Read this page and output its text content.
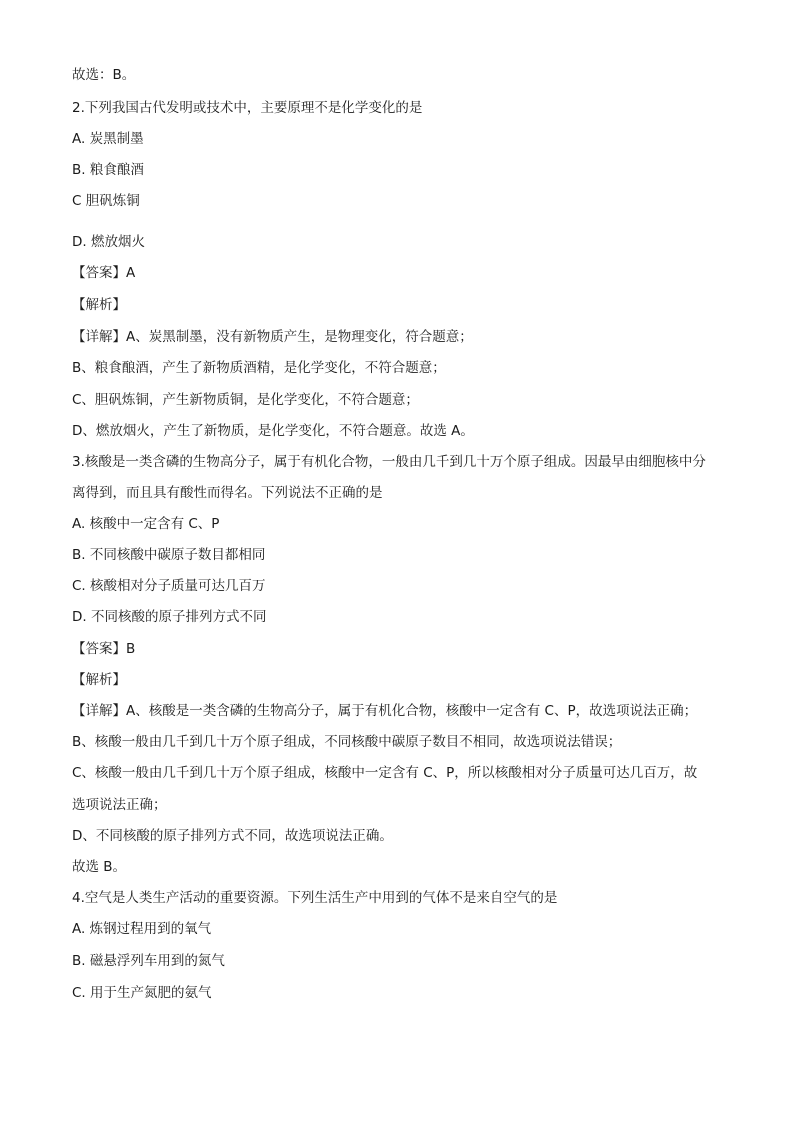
故选：B。
2.下列我国古代发明或技术中，主要原理不是化学变化的是
A. 炭黑制墨
B. 粮食酿酒
C 胆矾炼铜
D. 燃放烟火
【答案】A
【解析】
【详解】A、炭黑制墨，没有新物质产生，是物理变化，符合题意；
B、粮食酿酒，产生了新物质酒精，是化学变化，不符合题意；
C、胆矾炼铜，产生新物质铜，是化学变化，不符合题意；
D、燃放烟火，产生了新物质，是化学变化，不符合题意。故选 A。
3.核酸是一类含磷的生物高分子，属于有机化合物，一般由几千到几十万个原子组成。因最早由细胞核中分
离得到，而且具有酸性而得名。下列说法不正确的是
A. 核酸中一定含有 C、P
B. 不同核酸中碳原子数目都相同
C. 核酸相对分子质量可达几百万
D. 不同核酸的原子排列方式不同
【答案】B
【解析】
【详解】A、核酸是一类含磷的生物高分子，属于有机化合物，核酸中一定含有 C、P，故选项说法正确；
B、核酸一般由几千到几十万个原子组成，不同核酸中碳原子数目不相同，故选项说法错误；
C、核酸一般由几千到几十万个原子组成，核酸中一定含有 C、P，所以核酸相对分子质量可达几百万，故
选项说法正确；
D、不同核酸的原子排列方式不同，故选项说法正确。
故选 B。
4.空气是人类生产活动的重要资源。下列生活生产中用到的气体不是来自空气的是
A. 炼钢过程用到的氧气
B. 磁悬浮列车用到的氮气
C. 用于生产氮肥的氨气
